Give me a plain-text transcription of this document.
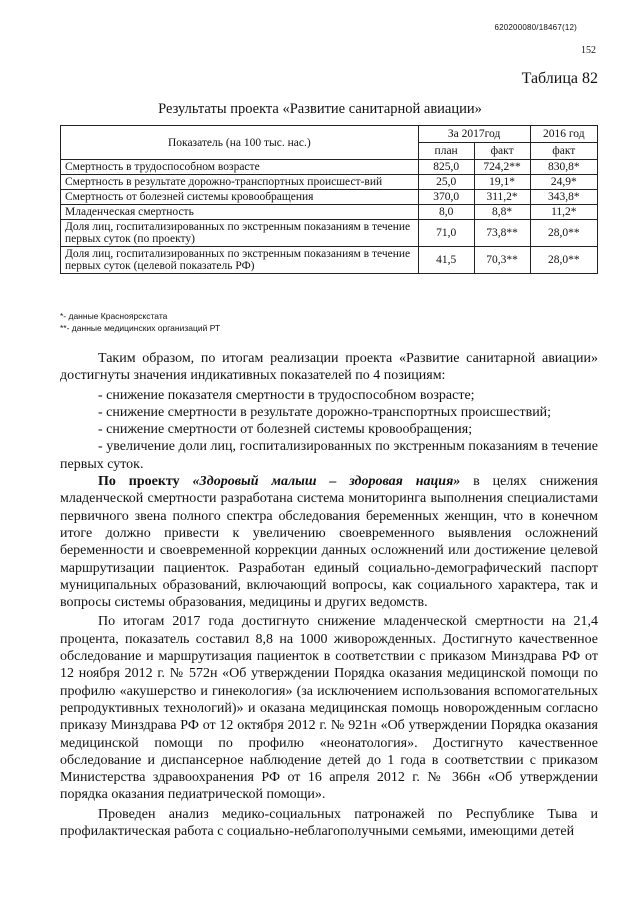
620200080/18467(12)
152
Таблица 82
Результаты проекта «Развитие санитарной авиации»
Показатель (на 100 тыс. нас.)	За 2017год		2016 год
	план	факт	факт
Смертность в трудоспособном возрасте	825,0	724,2**	830,8*
Смертность в результате дорожно-транспортных происшест-вий	25,0	19,1*	24,9*
Смертность от болезней системы кровообращения	370,0	311,2*	343,8*
Младенческая смертность	8,0	8,8*	11,2*
Доля лиц, госпитализированных по экстренным показаниям в течение первых суток (по проекту)	71,0	73,8**	28,0**
Доля лиц, госпитализированных по экстренным показаниям в течение первых суток (целевой показатель РФ)	41,5	70,3**	28,0**
*- данные Красноярскстата
**- данные медицинских организаций РТ

Таким образом, по итогам реализации проекта «Развитие санитарной авиации» достигнуты значения индикативных показателей по 4 позициям:

- снижение показателя смертности в трудоспособном возрасте;

- снижение смертности в результате дорожно-транспортных происшествий;

- снижение смертности от болезней системы кровообращения;

- увеличение доли лиц, госпитализированных по экстренным показаниям в течение первых суток.

По проекту «Здоровый малыш – здоровая нация» в целях снижения младенческой смертности разработана система мониторинга выполнения специалистами первичного звена полного спектра обследования беременных женщин, что в конечном итоге должно привести к увеличению своевременного выявления осложнений беременности и своевременной коррекции данных осложнений или достижение целевой маршрутизации пациенток. Разработан единый социально-демографический паспорт муниципальных образований, включающий вопросы, как социального характера, так и вопросы системы образования, медицины и других ведомств.

По итогам 2017 года достигнуто снижение младенческой смертности на 21,4 процента, показатель составил 8,8 на 1000 живорожденных. Достигнуто качественное обследование и маршрутизация пациенток в соответствии с приказом Минздрава РФ от 12 ноября 2012 г. № 572н «Об утверждении Порядка оказания медицинской помощи по профилю «акушерство и гинекология» (за исключением использования вспомогательных репродуктивных технологий)» и оказана медицинская помощь новорожденным согласно приказу Минздрава РФ от 12 октября 2012 г. № 921н «Об утверждении Порядка оказания медицинской помощи по профилю «неонатология». Достигнуто качественное обследование и диспансерное наблюдение детей до 1 года в соответствии с приказом Министерства здравоохранения РФ от 16 апреля 2012 г. № 366н «Об утверждении порядка оказания педиатрической помощи».

Проведен анализ медико-социальных патронажей по Республике Тыва и профилактическая работа с социально-неблагополучными семьями, имеющими детей
